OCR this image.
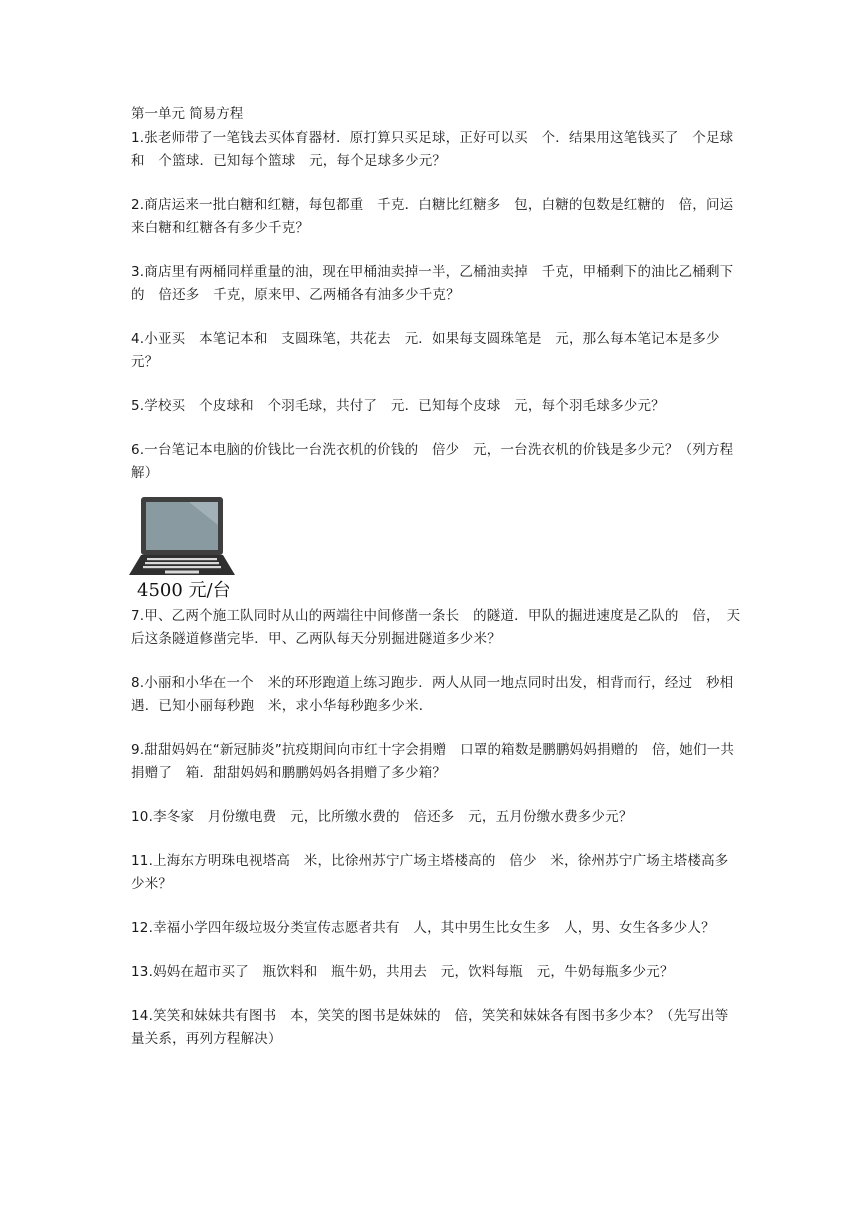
第一单元 简易方程

1.张老师带了一笔钱去买体育器材．原打算只买足球，正好可以买　个．结果用这笔钱买了　个足球和　个篮球．已知每个篮球　元，每个足球多少元？

2.商店运来一批白糖和红糖，每包都重　千克．白糖比红糖多　包，白糖的包数是红糖的　倍，问运来白糖和红糖各有多少千克？

3.商店里有两桶同样重量的油，现在甲桶油卖掉一半，乙桶油卖掉　千克，甲桶剩下的油比乙桶剩下的　倍还多　千克，原来甲、乙两桶各有油多少千克？

4.小亚买　本笔记本和　支圆珠笔，共花去　元．如果每支圆珠笔是　元，那么每本笔记本是多少元？

5.学校买　个皮球和　个羽毛球，共付了　元．已知每个皮球　元，每个羽毛球多少元？

6.一台笔记本电脑的价钱比一台洗衣机的价钱的　倍少　元，一台洗衣机的价钱是多少元？（列方程解）

4500 元/台

7.甲、乙两个施工队同时从山的两端往中间修凿一条长　的隧道．甲队的掘进速度是乙队的　倍，　天后这条隧道修凿完毕．甲、乙两队每天分别掘进隧道多少米？

8.小丽和小华在一个　米的环形跑道上练习跑步．两人从同一地点同时出发，相背而行，经过　秒相遇．已知小丽每秒跑　米，求小华每秒跑多少米．

9.甜甜妈妈在“新冠肺炎”抗疫期间向市红十字会捐赠　口罩的箱数是鹏鹏妈妈捐赠的　倍，她们一共捐赠了　箱．甜甜妈妈和鹏鹏妈妈各捐赠了多少箱？

10.李冬家　月份缴电费　元，比所缴水费的　倍还多　元，五月份缴水费多少元？

11.上海东方明珠电视塔高　米，比徐州苏宁广场主塔楼高的　倍少　米，徐州苏宁广场主塔楼高多少米？

12.幸福小学四年级垃圾分类宣传志愿者共有　人，其中男生比女生多　人，男、女生各多少人？

13.妈妈在超市买了　瓶饮料和　瓶牛奶，共用去　元，饮料每瓶　元，牛奶每瓶多少元？

14.笑笑和妹妹共有图书　本，笑笑的图书是妹妹的　倍，笑笑和妹妹各有图书多少本？（先写出等量关系，再列方程解决）
